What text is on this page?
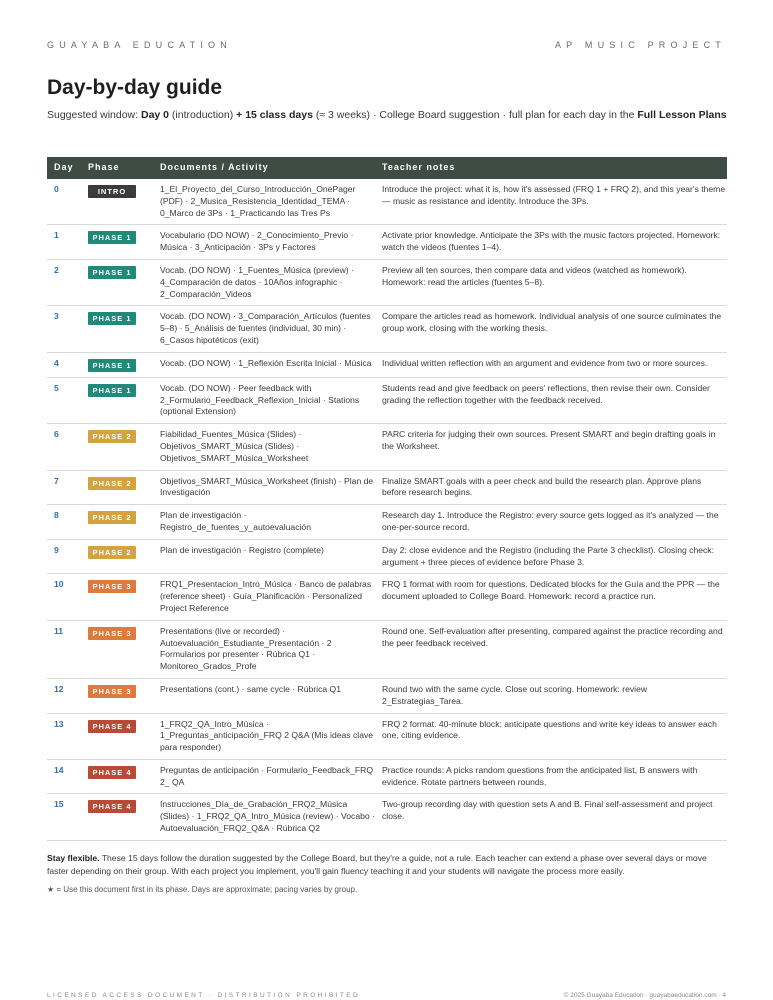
GUAYABA EDUCATION	AP MUSIC PROJECT
Day-by-day guide
Suggested window: Day 0 (introduction) + 15 class days (≈ 3 weeks) · College Board suggestion · full plan for each day in the Full Lesson Plans
Day	Phase	Documents / Activity	Teacher notes
0	INTRO	1_El_Proyecto_del_Curso_Introducción_OnePager (PDF) · 2_Musica_Resistencia_Identidad_TEMA · 0_Marco de 3Ps · 1_Practicando las Tres Ps	Introduce the project: what it is, how it's assessed (FRQ 1 + FRQ 2), and this year's theme — music as resistance and identity. Introduce the 3Ps.
1	PHASE 1	Vocabulario (DO NOW) · 2_Conocimiento_Previo · Música · 3_Anticipación · 3Ps y Factores	Activate prior knowledge. Anticipate the 3Ps with the music factors projected. Homework: watch the videos (fuentes 1–4).
2	PHASE 1	Vocab. (DO NOW) · 1_Fuentes_Música (preview) · 4_Comparación de datos · 10Años infographic · 2_Comparación_Videos	Preview all ten sources, then compare data and videos (watched as homework). Homework: read the articles (fuentes 5–8).
3	PHASE 1	Vocab. (DO NOW) · 3_Comparación_Artículos (fuentes 5–8) · 5_Análisis de fuentes (individual, 30 min) · 6_Casos hipotéticos (exit)	Compare the articles read as homework. Individual analysis of one source culminates the group work, closing with the working thesis.
4	PHASE 1	Vocab. (DO NOW) · 1_Reflexión Escrita Inicial · Música	Individual written reflection with an argument and evidence from two or more sources.
5	PHASE 1	Vocab. (DO NOW) · Peer feedback with 2_Formulario_Feedback_Reflexion_Inicial · Stations (optional Extension)	Students read and give feedback on peers' reflections, then revise their own. Consider grading the reflection together with the feedback received.
6	PHASE 2	Fiabilidad_Fuentes_Música (Slides) · Objetivos_SMART_Música (Slides) · Objetivos_SMART_Música_Worksheet	PARC criteria for judging their own sources. Present SMART and begin drafting goals in the Worksheet.
7	PHASE 2	Objetivos_SMART_Música_Worksheet (finish) · Plan de Investigación	Finalize SMART goals with a peer check and build the research plan. Approve plans before research begins.
8	PHASE 2	Plan de investigación · Registro_de_fuentes_y_autoevaluación	Research day 1. Introduce the Registro: every source gets logged as it's analyzed — the one-per-source record.
9	PHASE 2	Plan de investigación · Registro (complete)	Day 2: close evidence and the Registro (including the Parte 3 checklist). Closing check: argument + three pieces of evidence before Phase 3.
10	PHASE 3	FRQ1_Presentacion_Intro_Música · Banco de palabras (reference sheet) · Guía_Planificación · Personalized Project Reference	FRQ 1 format with room for questions. Dedicated blocks for the Guía and the PPR — the document uploaded to College Board. Homework: record a practice run.
11	PHASE 3	Presentations (live or recorded) · Autoevaluación_Estudiante_Presentación · 2 Formularios por presenter · Rúbrica Q1 · Monitoreo_Grados_Profe	Round one. Self-evaluation after presenting, compared against the practice recording and the peer feedback received.
12	PHASE 3	Presentations (cont.) · same cycle · Rúbrica Q1	Round two with the same cycle. Close out scoring. Homework: review 2_Estrategias_Tarea.
13	PHASE 4	1_FRQ2_QA_Intro_Música · 1_Preguntas_anticipación_FRQ 2 Q&A (Mis ideas clave para responder)	FRQ 2 format. 40-minute block: anticipate questions and write key ideas to answer each one, citing evidence.
14	PHASE 4	Preguntas de anticipación · Formulario_Feedback_FRQ 2_ QA	Practice rounds: A picks random questions from the anticipated list, B answers with evidence. Rotate partners between rounds.
15	PHASE 4	Instrucciones_Día_de_Grabación_FRQ2_Música (Slides) · 1_FRQ2_QA_Intro_Música (review) · Vocabo · Autoevaluación_FRQ2_Q&A · Rúbrica Q2	Two-group recording day with question sets A and B. Final self-assessment and project close.
Stay flexible. These 15 days follow the duration suggested by the College Board, but they're a guide, not a rule. Each teacher can extend a phase over several days or move faster depending on their group. With each project you implement, you'll gain fluency teaching it and your students will navigate the process more easily.
★ = Use this document first in its phase. Days are approximate; pacing varies by group.
LICENSED ACCESS DOCUMENT · DISTRIBUTION PROHIBITED	© 2025 Guayaba Education · guayabaeducation.com · 4
